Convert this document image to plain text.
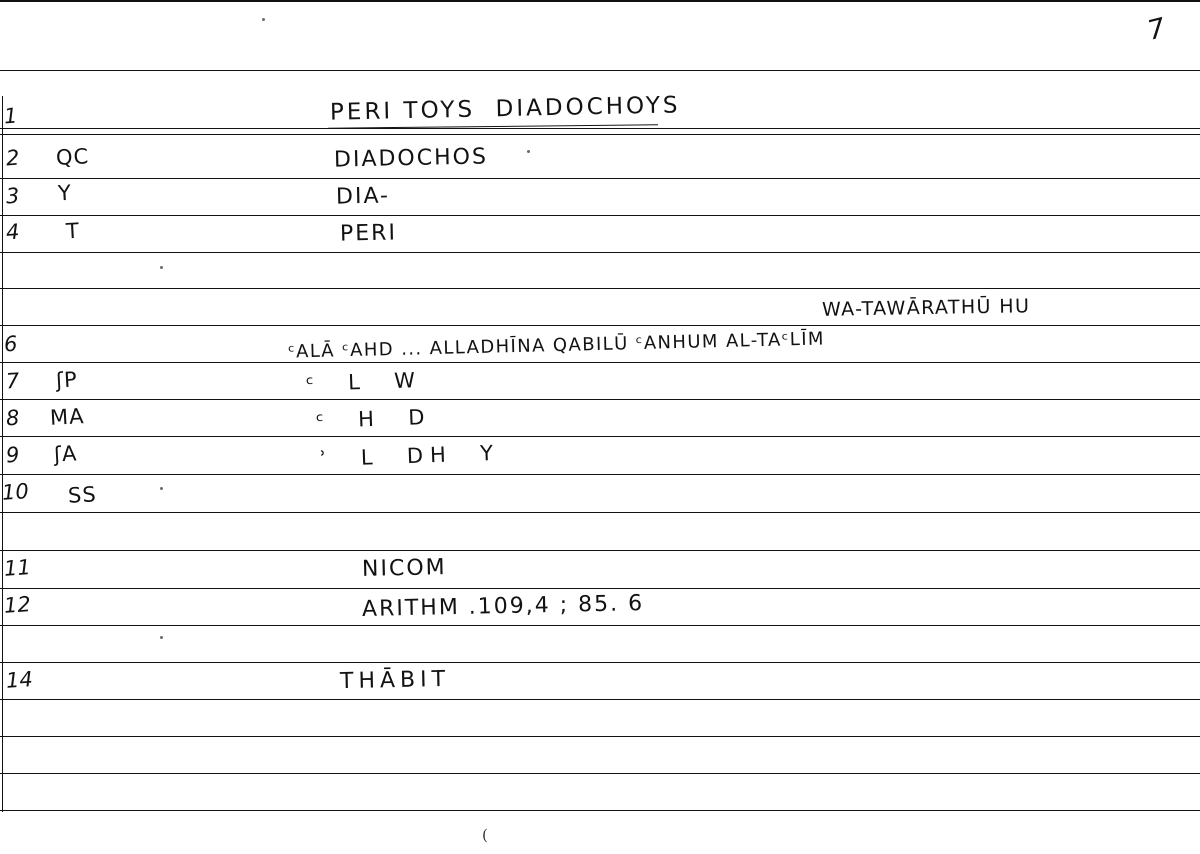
7
1	PERI TOYS  DIADOCHOYS
2 QC	DIADOCHOS
3 Y	DIA-
4 T	PERI
WA-TAWĀRATHŪ HU
6	ᶜALĀ ᶜAHD ... ALLADHĪNA QABILŪ ᶜANHUM AL-TAᶜLĪM
7 ʃP	ᶜ  L  W
8 MA	ᶜ  H  D
9 ʃA	ʾ  L  DH  Y
10 SS
11	NICOM
12	ARITHM .109,4 ; 85. 6
14	THĀBIT
(
